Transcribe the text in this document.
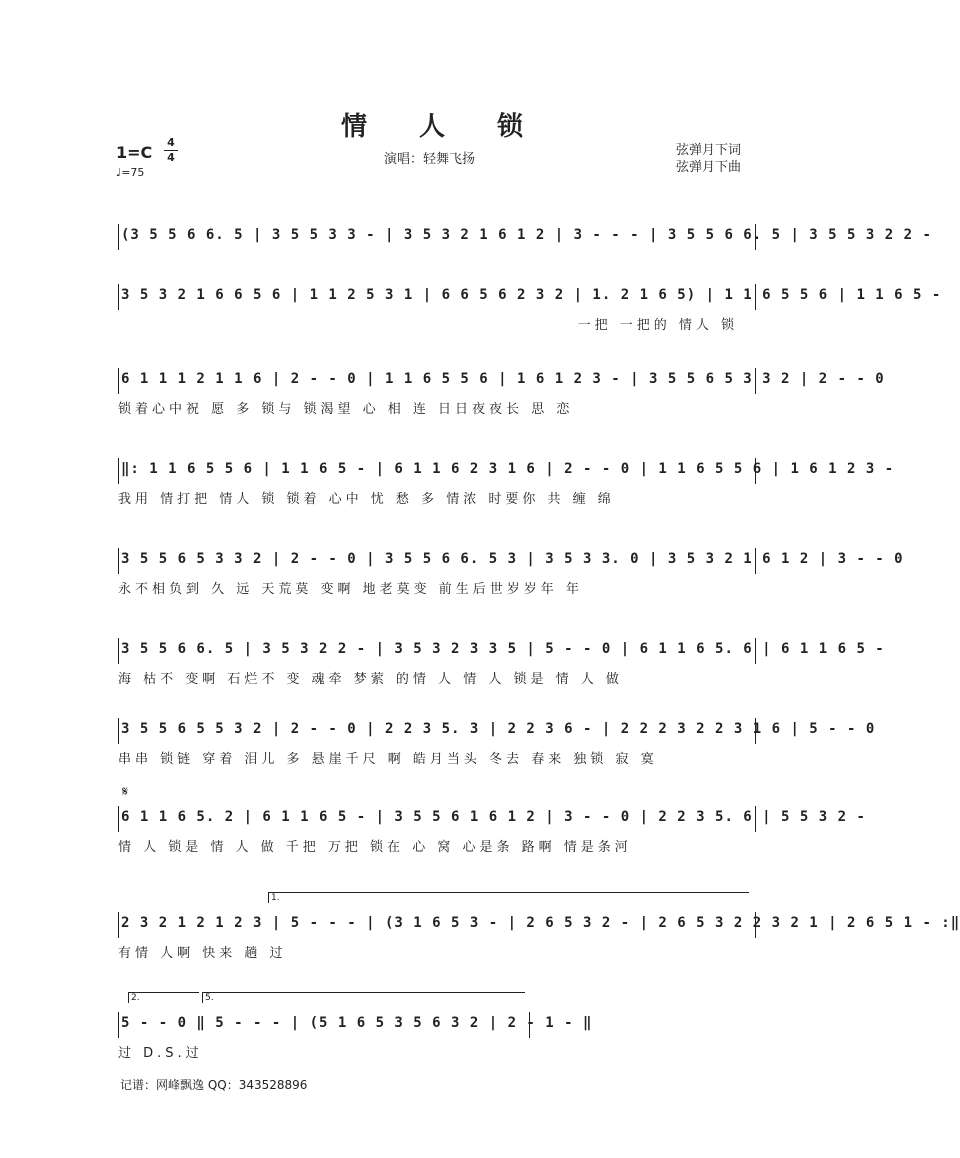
情人锁
1=C
4
4
♩=75
演唱：轻舞飞扬
弦弹月下词
弦弹月下曲
(3 5 5 6 6. 5 | 3 5 5 3 3 - | 3 5 3 2 1 6 1 2 | 3 - - - | 3 5 5 6 6. 5 | 3 5 5 3 2 2 -
3 5 3 2 1 6 6 5 6 | 1 1 2 5 3 1 | 6 6 5 6 2 3 2 | 1. 2 1 6 5) | 1 1 6 5 5 6 | 1 1 6 5 -
一把 一把的 情人 锁
6 1 1 1 2 1 1 6 | 2 - - 0 | 1 1 6 5 5 6 | 1 6 1 2 3 - | 3 5 5 6 5 3 3 2 | 2 - - 0
锁着心中祝 愿 多 锁与 锁渴望 心 相 连 日日夜夜长 思 恋
‖: 1 1 6 5 5 6 | 1 1 6 5 - | 6 1 1 6 2 3 1 6 | 2 - - 0 | 1 1 6 5 5 6 | 1 6 1 2 3 -
我用 情打把 情人 锁 锁着 心中 忧 愁 多 情浓 时要你 共 缠 绵
3 5 5 6 5 3 3 2 | 2 - - 0 | 3 5 5 6 6. 5 3 | 3 5 3 3. 0 | 3 5 3 2 1 6 1 2 | 3 - - 0
永不相负到 久 远 天荒莫 变啊 地老莫变 前生后世岁岁年 年
3 5 5 6 6. 5 | 3 5 3 2 2 - | 3 5 3 2 3 3 5 | 5 - - 0 | 6 1 1 6 5. 6 | 6 1 1 6 5 -
海 枯不 变啊 石烂不 变 魂牵 梦萦 的情 人 情 人 锁是 情 人 做
3 5 5 6 5 5 3 2 | 2 - - 0 | 2 2 3 5. 3 | 2 2 3 6 - | 2 2 2 3 2 2 3 1 6 | 5 - - 0
串串 锁链 穿着 泪儿 多 悬崖千尺 啊 皓月当头 冬去 春来 独锁 寂 寞
𝄋
6 1 1 6 5. 2 | 6 1 1 6 5 - | 3 5 5 6 1 6 1 2 | 3 - - 0 | 2 2 3 5. 6 | 5 5 3 2 -
情 人 锁是 情 人 做 千把 万把 锁在 心 窝 心是条 路啊 情是条河
1.
2 3 2 1 2 1 2 3 | 5 - - - | (3 1 6 5 3 - | 2 6 5 3 2 - | 2 6 5 3 2 2 3 2 1 | 2 6 5 1 - :‖
有情 人啊 快来 趟 过
2.	5.
5 - - 0 ‖ 5 - - - | (5 1 6 5 3 5 6 3 2 | 2 - 1 - ‖
过 D.S.过
记谱：网峰飘逸 QQ：343528896
